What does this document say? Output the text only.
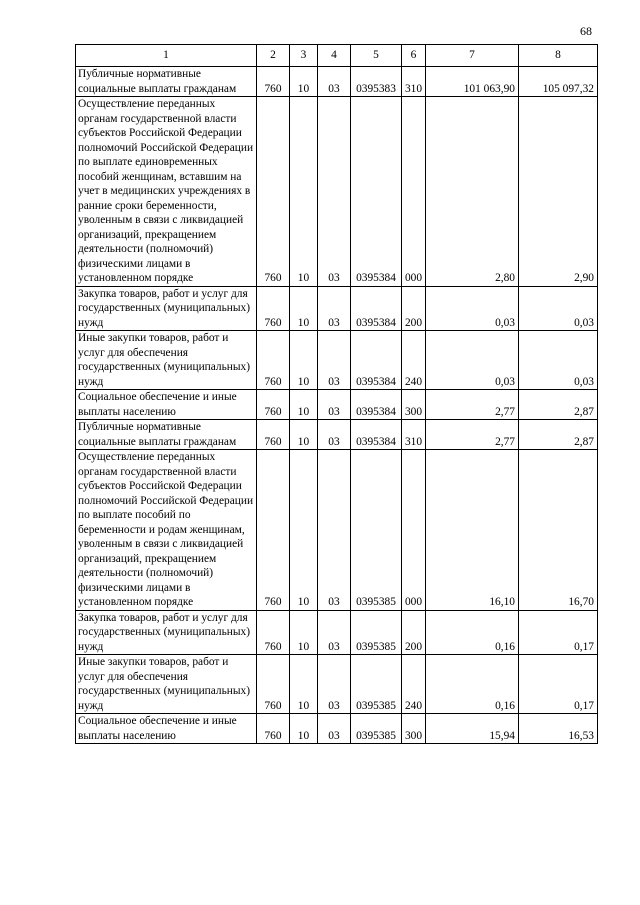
68
1	2	3	4	5	6	7	8
Публичные нормативные социальные выплаты гражданам	760	10	03	0395383	310	101 063,90	105 097,32
Осуществление переданных органам государственной власти субъектов Российской Федерации полномочий Российской Федерации по выплате единовременных пособий женщинам, вставшим на учет в медицинских учреждениях в ранние сроки беременности, уволенным в связи с ликвидацией организаций, прекращением деятельности (полномочий) физическими лицами в установленном порядке	760	10	03	0395384	000	2,80	2,90
Закупка товаров, работ и услуг для государственных (муниципальных) нужд	760	10	03	0395384	200	0,03	0,03
Иные закупки товаров, работ и услуг для обеспечения государственных (муниципальных) нужд	760	10	03	0395384	240	0,03	0,03
Социальное обеспечение и иные выплаты населению	760	10	03	0395384	300	2,77	2,87
Публичные нормативные социальные выплаты гражданам	760	10	03	0395384	310	2,77	2,87
Осуществление переданных органам государственной власти субъектов Российской Федерации полномочий Российской Федерации по выплате пособий по беременности и родам женщинам, уволенным в связи с ликвидацией организаций, прекращением деятельности (полномочий) физическими лицами в установленном порядке	760	10	03	0395385	000	16,10	16,70
Закупка товаров, работ и услуг для государственных (муниципальных) нужд	760	10	03	0395385	200	0,16	0,17
Иные закупки товаров, работ и услуг для обеспечения государственных (муниципальных) нужд	760	10	03	0395385	240	0,16	0,17
Социальное обеспечение и иные выплаты населению	760	10	03	0395385	300	15,94	16,53
